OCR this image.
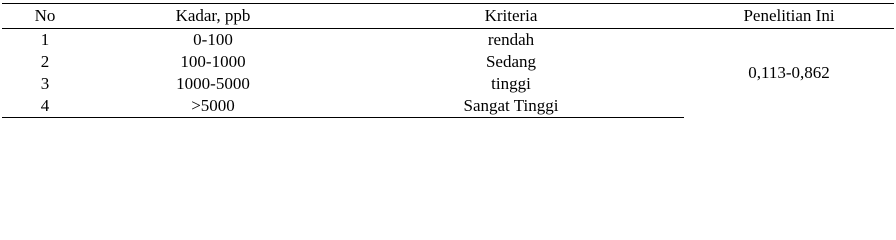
No	Kadar, ppb	Kriteria	Penelitian Ini
1	0-100	rendah	0,113-0,862
2	100-1000	Sedang	
3	1000-5000	tinggi	
4	>5000	Sangat Tinggi	
